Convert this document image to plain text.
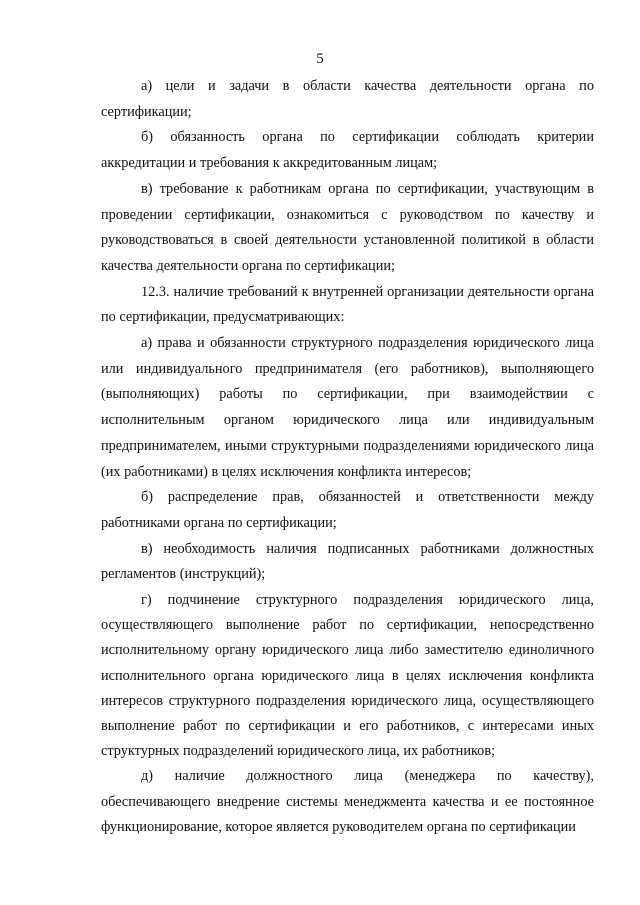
5

а) цели и задачи в области качества деятельности органа по сертификации;

б) обязанность органа по сертификации соблюдать критерии аккредитации и требования к аккредитованным лицам;

в) требование к работникам органа по сертификации, участвующим в проведении сертификации, ознакомиться с руководством по качеству и руководствоваться в своей деятельности установленной политикой в области качества деятельности органа по сертификации;

12.3. наличие требований к внутренней организации деятельности органа по сертификации, предусматривающих:

а) права и обязанности структурного подразделения юридического лица или индивидуального предпринимателя (его работников), выполняющего (выполняющих) работы по сертификации, при взаимодействии с исполнительным органом юридического лица или индивидуальным предпринимателем, иными структурными подразделениями юридического лица (их работниками) в целях исключения конфликта интересов;

б) распределение прав, обязанностей и ответственности между работниками органа по сертификации;

в) необходимость наличия подписанных работниками должностных регламентов (инструкций);

г) подчинение структурного подразделения юридического лица, осуществляющего выполнение работ по сертификации, непосредственно исполнительному органу юридического лица либо заместителю единоличного исполнительного органа юридического лица в целях исключения конфликта интересов структурного подразделения юридического лица, осуществляющего выполнение работ по сертификации и его работников, с интересами иных структурных подразделений юридического лица, их работников;

д) наличие должностного лица (менеджера по качеству), обеспечивающего внедрение системы менеджмента качества и ее постоянное функционирование, которое является руководителем органа по сертификации
